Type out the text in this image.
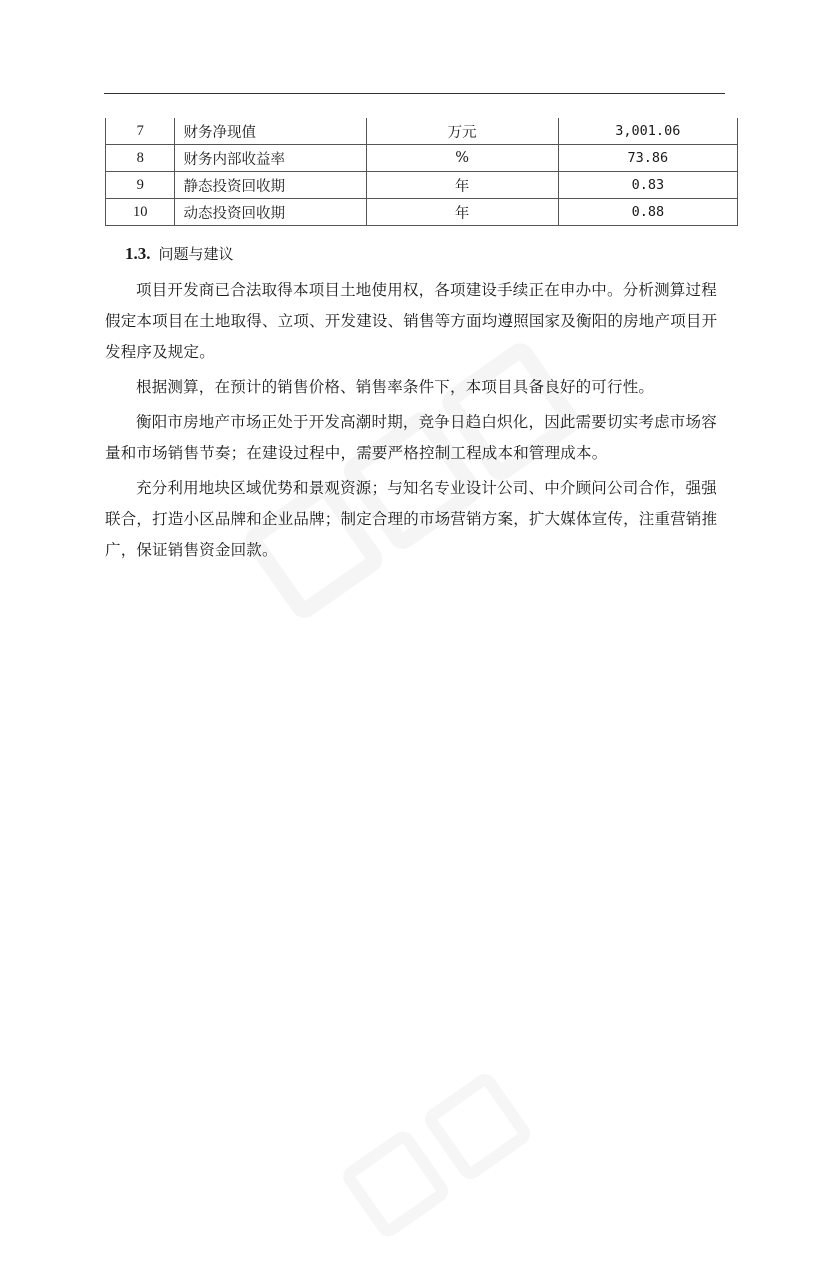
7	财务净现值	万元	3,001.06
8	财务内部收益率	%	73.86
9	静态投资回收期	年	0.83
10	动态投资回收期	年	0.88
1.3. 问题与建议

项目开发商已合法取得本项目土地使用权，各项建设手续正在申办中。分析测算过程假定本项目在土地取得、立项、开发建设、销售等方面均遵照国家及衡阳的房地产项目开发程序及规定。

根据测算，在预计的销售价格、销售率条件下，本项目具备良好的可行性。

衡阳市房地产市场正处于开发高潮时期，竞争日趋白炽化，因此需要切实考虑市场容量和市场销售节奏；在建设过程中，需要严格控制工程成本和管理成本。

充分利用地块区域优势和景观资源；与知名专业设计公司、中介顾问公司合作，强强联合，打造小区品牌和企业品牌；制定合理的市场营销方案，扩大媒体宣传，注重营销推广，保证销售资金回款。
